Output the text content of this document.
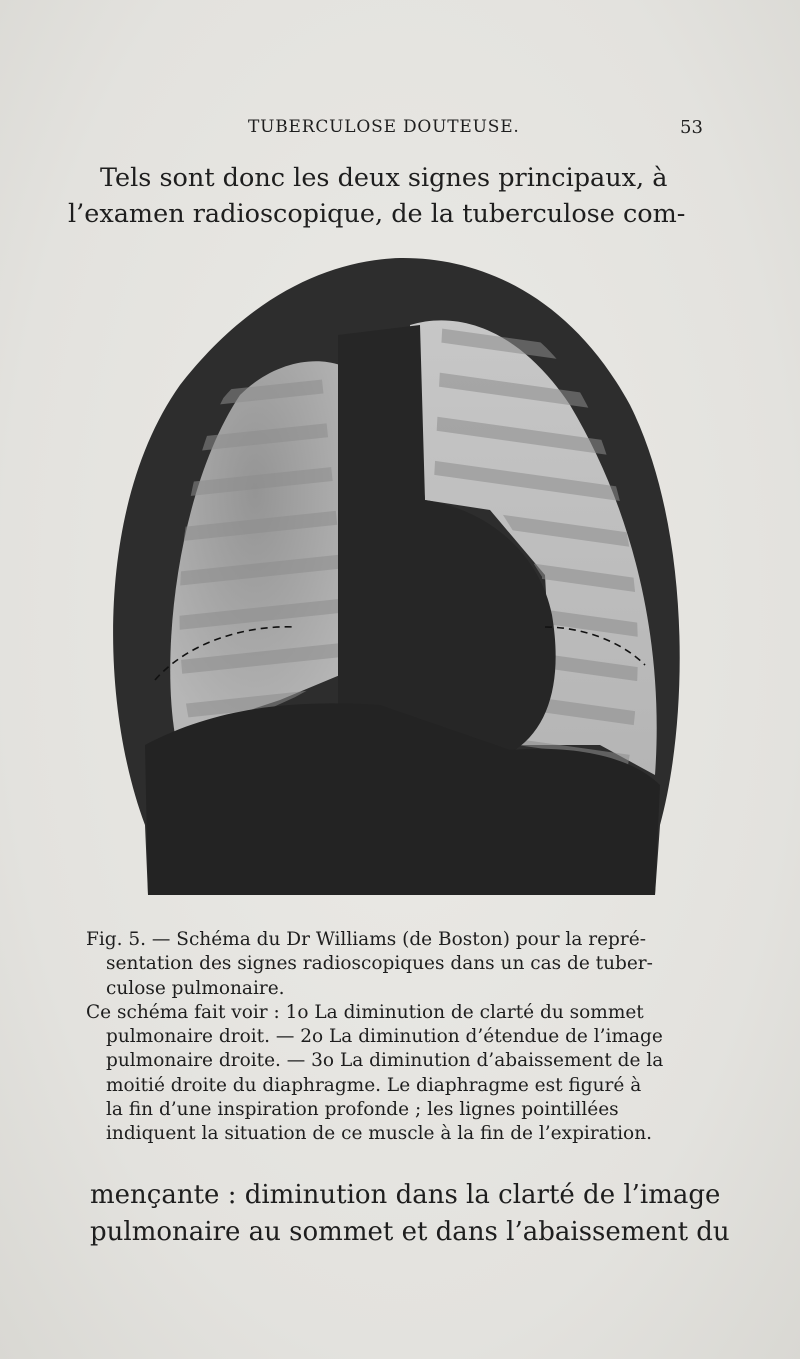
TUBERCULOSE DOUTEUSE.	53

Tels sont donc les deux signes principaux, à
l’examen radioscopique, de la tuberculose com-

Fig. 5. — Schéma du Dr Williams (de Boston) pour la repré-
sentation des signes radioscopiques dans un cas de tuber-
culose pulmonaire.
Ce schéma fait voir : 1o La diminution de clarté du sommet
pulmonaire droit. — 2o La diminution d’étendue de l’image
pulmonaire droite. — 3o La diminution d’abaissement de la
moitié droite du diaphragme. Le diaphragme est figuré à
la fin d’une inspiration profonde ; les lignes pointillées
indiquent la situation de ce muscle à la fin de l’expiration.

mençante : diminution dans la clarté de l’image
pulmonaire au sommet et dans l’abaissement du
